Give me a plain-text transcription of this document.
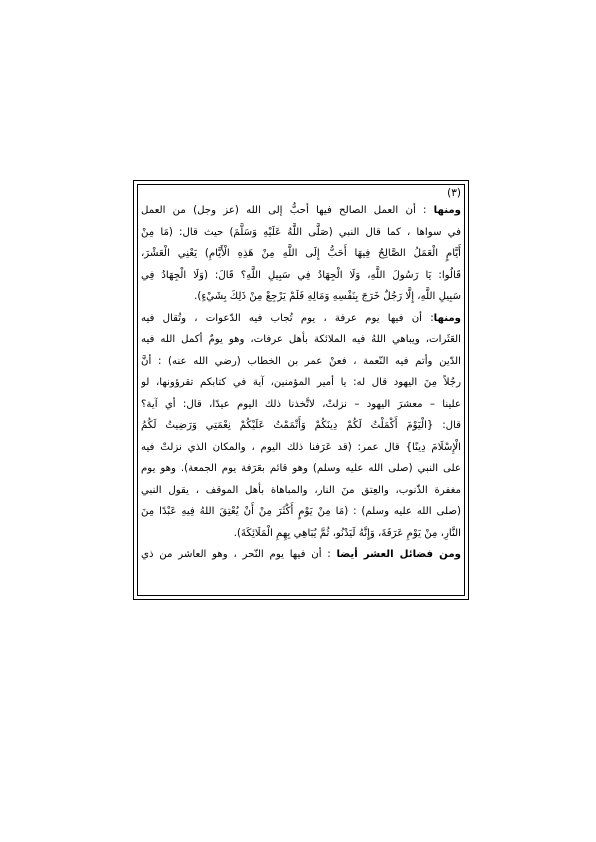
(٣)
ومنها : أن العمل الصالح فيها أحبُّ إلى الله (عز وجل) من العمل
في سواها ، كما قال النبي (صَلَّى اللَّهُ عَلَيْهِ وَسَلَّمَ) حيث قال: (مَا مِنْ
أَيَّامٍ الْعَمَلُ الصَّالِحُ فِيهَا أَحَبُّ إِلَى اللَّهِ مِنْ هَذِهِ الْأَيَّامِ) يَعْنِي الْعَشْرَ،
قَالُوا: يَا رَسُولَ اللَّهِ، وَلَا الْجِهَادُ فِي سَبِيلِ اللَّهِ؟ قَالَ: (وَلَا الْجِهَادُ فِي
سَبِيلِ اللَّهِ، إِلَّا رَجُلٌ خَرَجَ بِنَفْسِهِ وَمَالِهِ فَلَمْ يَرْجِعْ مِنْ ذَلِكَ بِشَيْءٍ).
ومنها: أن فيها يوم عرفة ، يوم تُجاب فيه الدّعوات ، وتُقال فيه
العَثَرات، ويباهي اللهُ فيه الملائكة بأهل عرفات، وهو يومٌ أكمل الله فيه
الدّين وأتم فيه النّعمة ، فعنْ عمر بن الخطاب (رضي الله عنه) : أنَّ
رجُلاً مِنَ اليهود قال له: يا أمير المؤمنين، آية في كتابكم تقرؤونها، لو
علينا – معشرَ اليهود – نزلتْ، لاتَّخذنا ذلك اليوم عيدًا، قال: أي آية؟
قال: {الْيَوْمَ أَكْمَلْتُ لَكُمْ دِينَكُمْ وَأَتْمَمْتُ عَلَيْكُمْ نِعْمَتِي وَرَضِيتُ لَكُمُ
الْإِسْلَامَ دِينًا} قال عمر: (قد عَرَفنا ذلك اليوم ، والمكان الذي نزلتْ فيه
على النبي (صلى الله عليه وسلم) وهو قائم بعَرَفة يوم الجمعة). وهو يوم
مغفرة الذّنوب، والعِتق منَ النار، والمباهاة بأهل الموقف ، يقول النبي
(صلى الله عليه وسلم) : (مَا مِنْ يَوْمٍ أَكْثَرَ مِنْ أَنْ يُعْتِقَ اللهُ فِيهِ عَبْدًا مِنَ
النَّارِ، مِنْ يَوْمِ عَرَفَةَ، وَإِنَّهُ لَيَدْنُو، ثُمَّ يُبَاهِي بِهِمِ الْمَلَائِكَةَ).
ومن فضائل العشر أيضا : أن فيها يوم النّحر ، وهو العاشر من ذي
